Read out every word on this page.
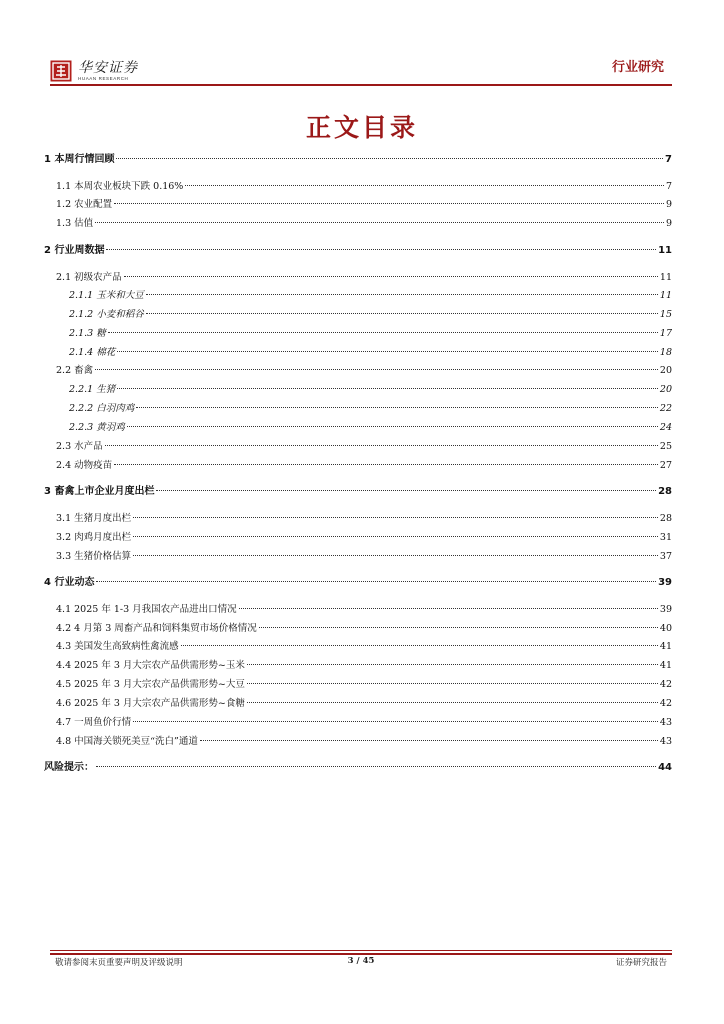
华安证券
HUAAN RESEARCH
行业研究
正文目录
1 本周行情回顾	7
1.1 本周农业板块下跌 0.16%	7
1.2 农业配置	9
1.3 估值	9
2 行业周数据	11
2.1 初级农产品	11
2.1.1 玉米和大豆	11
2.1.2 小麦和稻谷	15
2.1.3 糖	17
2.1.4 棉花	18
2.2 畜禽	20
2.2.1 生猪	20
2.2.2 白羽肉鸡	22
2.2.3 黄羽鸡	24
2.3 水产品	25
2.4 动物疫苗	27
3 畜禽上市企业月度出栏	28
3.1 生猪月度出栏	28
3.2 肉鸡月度出栏	31
3.3 生猪价格估算	37
4 行业动态	39
4.1 2025 年 1-3 月我国农产品进出口情况	39
4.2 4 月第 3 周畜产品和饲料集贸市场价格情况	40
4.3 美国发生高致病性禽流感	41
4.4 2025 年 3 月大宗农产品供需形势~玉米	41
4.5 2025 年 3 月大宗农产品供需形势~大豆	42
4.6 2025 年 3 月大宗农产品供需形势~食糖	42
4.7 一周鱼价行情	43
4.8 中国海关锁死美豆“洗白”通道	43
风险提示：	44
敬请参阅末页重要声明及评级说明	3 / 45	证券研究报告
